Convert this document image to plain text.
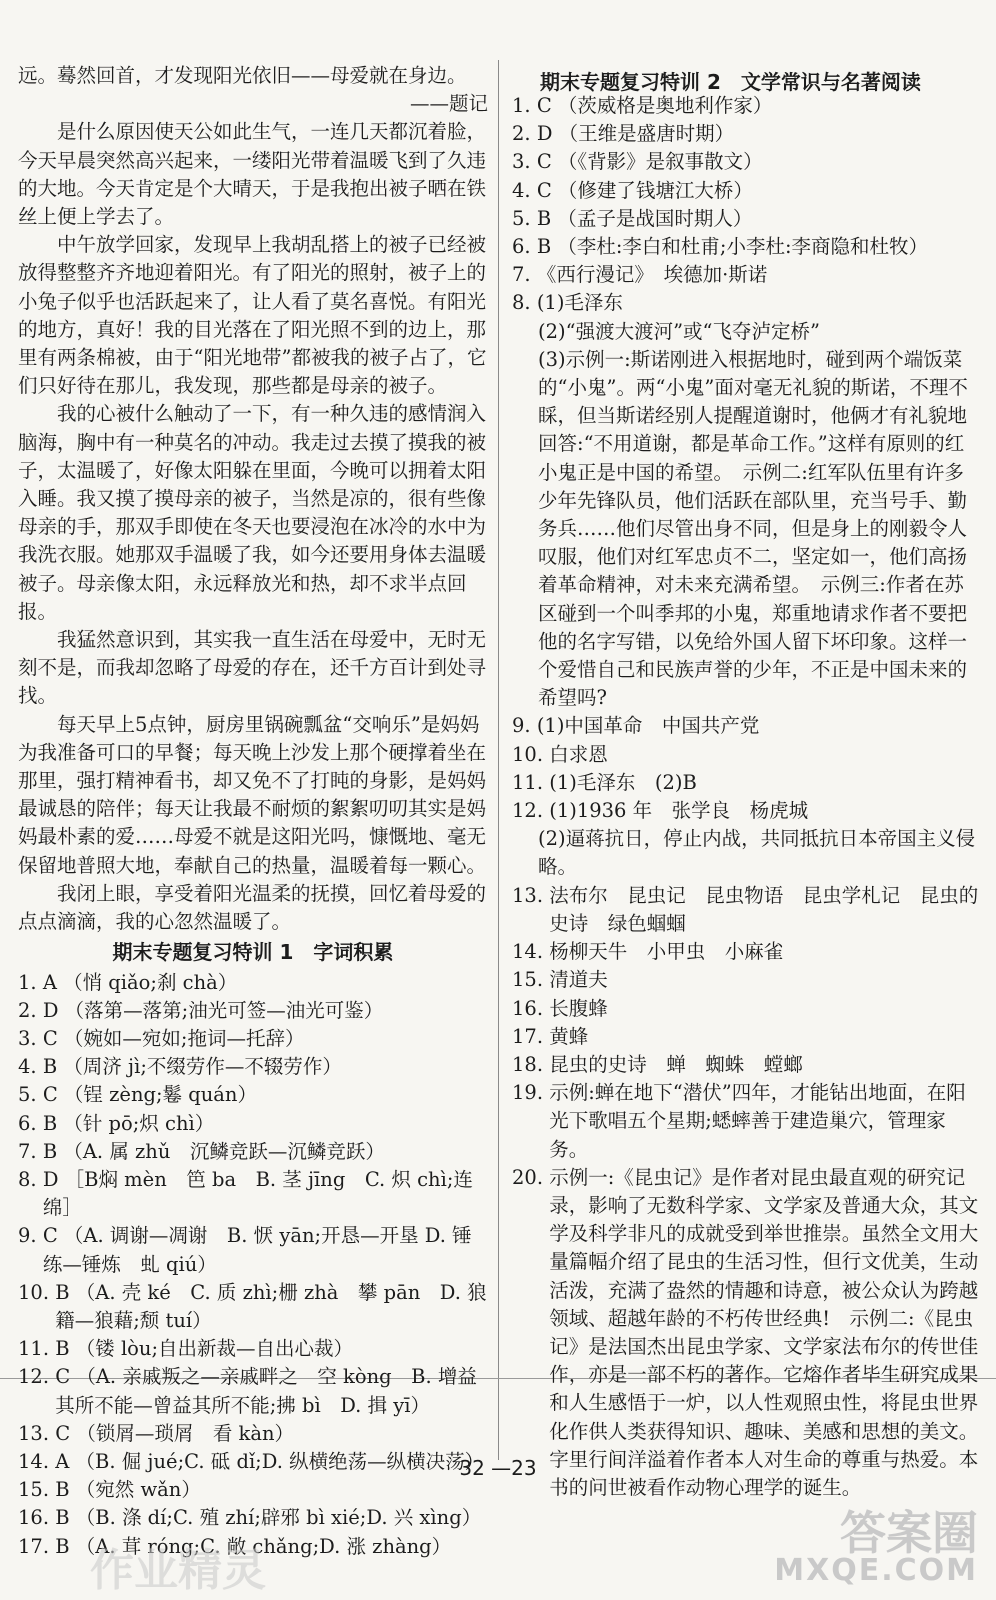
远。蓦然回首，才发现阳光依旧——母爱就在身边。

——题记

是什么原因使天公如此生气，一连几天都沉着脸，今天早晨突然高兴起来，一缕阳光带着温暖飞到了久违的大地。今天肯定是个大晴天，于是我抱出被子晒在铁丝上便上学去了。

中午放学回家，发现早上我胡乱搭上的被子已经被放得整整齐齐地迎着阳光。有了阳光的照射，被子上的小兔子似乎也活跃起来了，让人看了莫名喜悦。有阳光的地方，真好！我的目光落在了阳光照不到的边上，那里有两条棉被，由于“阳光地带”都被我的被子占了，它们只好待在那儿，我发现，那些都是母亲的被子。

我的心被什么触动了一下，有一种久违的感情润入脑海，胸中有一种莫名的冲动。我走过去摸了摸我的被子，太温暖了，好像太阳躲在里面，今晚可以拥着太阳入睡。我又摸了摸母亲的被子，当然是凉的，很有些像母亲的手，那双手即使在冬天也要浸泡在冰冷的水中为我洗衣服。她那双手温暖了我，如今还要用身体去温暖被子。母亲像太阳，永远释放光和热，却不求半点回报。

我猛然意识到，其实我一直生活在母爱中，无时无刻不是，而我却忽略了母爱的存在，还千方百计到处寻找。

每天早上5点钟，厨房里锅碗瓢盆“交响乐”是妈妈为我准备可口的早餐；每天晚上沙发上那个硬撑着坐在那里，强打精神看书，却又免不了打盹的身影，是妈妈最诚恳的陪伴；每天让我最不耐烦的絮絮叨叨其实是妈妈最朴素的爱……母爱不就是这阳光吗，慷慨地、毫无保留地普照大地，奉献自己的热量，温暖着每一颗心。

我闭上眼，享受着阳光温柔的抚摸，回忆着母爱的点点滴滴，我的心忽然温暖了。

期末专题复习特训 1　字词积累
1. A （悄 qiǎo;刹 chà）
2. D （落第—落第;油光可签—油光可鉴）
3. C （婉如—宛如;拖词—托辞）
4. B （周济 jì;不缀劳作—不辍劳作）
5. C （锃 zèng;鬈 quán）
6. B （针 pō;炽 chì）
7. B （A. 属 zhǔ　沉鳞竞跃—沉鳞竞跃）
8. D ［B焖 mèn　笆 ba　B. 茎 jīng　C. 炽 chì;连绵］
9. C （A. 调谢—凋谢　B. 恹 yān;开恳—开垦 D. 锤练—锤炼　虬 qiú）
10. B （A. 壳 ké　C. 质 zhì;栅 zhà　攀 pān　D. 狼籍—狼藉;颓 tuí）
11. B （镂 lòu;自出新裁—自出心裁）
12. C （A. 亲戚叛之—亲戚畔之　空 kòng　B. 增益其所不能—曾益其所不能;拂 bì　D. 揖 yī）
13. C （锁屑—琐屑　看 kàn）
14. A （B. 倔 jué;C. 砥 dǐ;D. 纵横绝荡—纵横决荡）
15. B （宛然 wǎn）
16. B （B. 涤 dí;C. 殖 zhí;辟邪 bì xié;D. 兴 xìng）
17. B （A. 茸 róng;C. 敞 chǎng;D. 涨 zhàng）
期末专题复习特训 2　文学常识与名著阅读
1. C （茨威格是奥地利作家）
2. D （王维是盛唐时期）
3. C （《背影》是叙事散文）
4. C （修建了钱塘江大桥）
5. B （孟子是战国时期人）
6. B （李杜:李白和杜甫;小李杜:李商隐和杜牧）
7. 《西行漫记》　埃德加·斯诺
8. (1)毛泽东
(2)“强渡大渡河”或“飞夺泸定桥”
(3)示例一:斯诺刚进入根据地时，碰到两个端饭菜的“小鬼”。两“小鬼”面对毫无礼貌的斯诺，不理不睬，但当斯诺经别人提醒道谢时，他俩才有礼貌地回答:“不用道谢，都是革命工作。”这样有原则的红小鬼正是中国的希望。　示例二:红军队伍里有许多少年先锋队员，他们活跃在部队里，充当号手、勤务兵……他们尽管出身不同，但是身上的刚毅令人叹服，他们对红军忠贞不二，坚定如一，他们高扬着革命精神，对未来充满希望。　示例三:作者在苏区碰到一个叫季邦的小鬼，郑重地请求作者不要把他的名字写错，以免给外国人留下坏印象。这样一个爱惜自己和民族声誉的少年，不正是中国未来的希望吗?
9. (1)中国革命　中国共产党
10. 白求恩
11. (1)毛泽东　(2)B
12. (1)1936 年　张学良　杨虎城
(2)逼蒋抗日，停止内战，共同抵抗日本帝国主义侵略。
13. 法布尔　昆虫记　昆虫物语　昆虫学札记　昆虫的史诗　绿色蝈蝈
14. 杨柳天牛　小甲虫　小麻雀
15. 清道夫
16. 长腹蜂
17. 黄蜂
18. 昆虫的史诗　蝉　蜘蛛　螳螂
19. 示例:蝉在地下“潜伏”四年，才能钻出地面，在阳光下歌唱五个星期;蟋蟀善于建造巢穴，管理家务。
20. 示例一:《昆虫记》是作者对昆虫最直观的研究记录，影响了无数科学家、文学家及普通大众，其文学及科学非凡的成就受到举世推崇。虽然全文用大量篇幅介绍了昆虫的生活习性，但行文优美，生动活泼，充满了盎然的情趣和诗意，被公众认为跨越领域、超越年龄的不朽传世经典!　示例二:《昆虫记》是法国杰出昆虫学家、文学家法布尔的传世佳作，亦是一部不朽的著作。它熔作者毕生研究成果和人生感悟于一炉，以人性观照虫性，将昆虫世界化作供人类获得知识、趣味、美感和思想的美文。字里行间洋溢着作者本人对生命的尊重与热爱。本书的问世被看作动物心理学的诞生。
32 —23
答案圈
MXQE.COM
作业精灵
